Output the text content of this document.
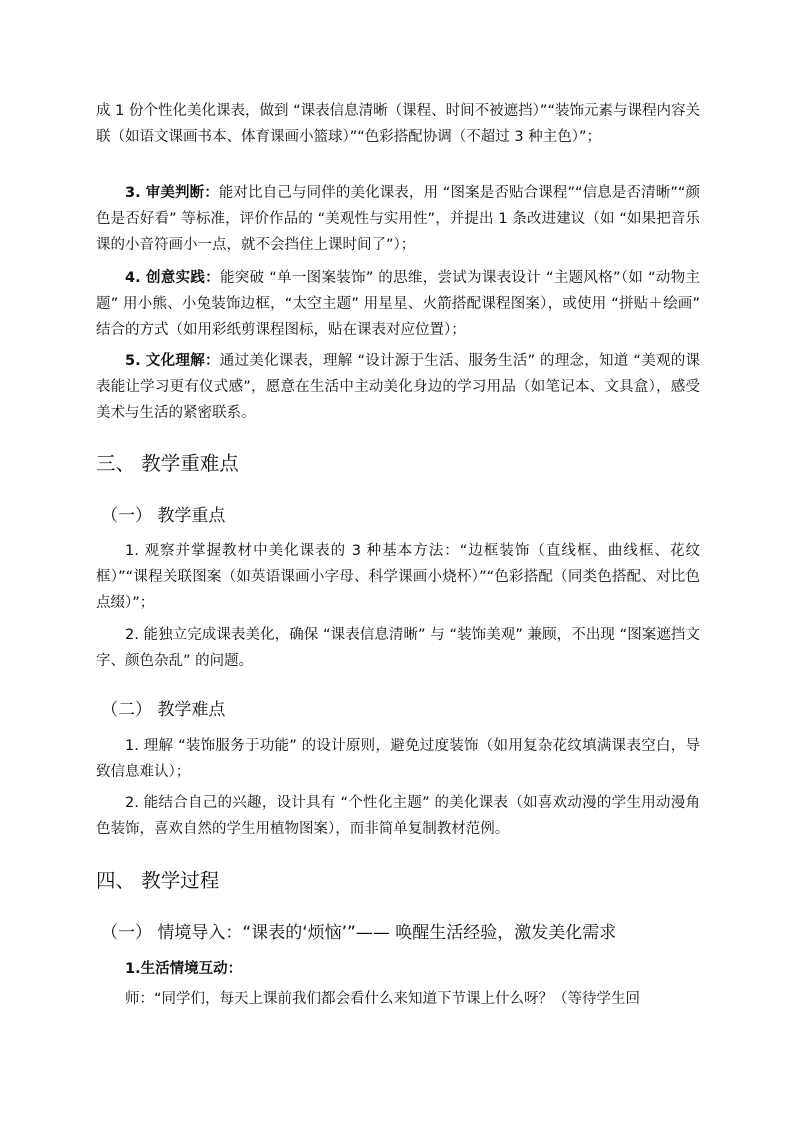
成 1 份个性化美化课表，做到 “课表信息清晰（课程、时间不被遮挡）”“装饰元素与课程内容关联（如语文课画书本、体育课画小篮球）”“色彩搭配协调（不超过 3 种主色）”；

3. 审美判断：能对比自己与同伴的美化课表，用 “图案是否贴合课程”“信息是否清晰”“颜色是否好看” 等标准，评价作品的 “美观性与实用性”，并提出 1 条改进建议（如 “如果把音乐课的小音符画小一点，就不会挡住上课时间了”）；

4. 创意实践：能突破 “单一图案装饰” 的思维，尝试为课表设计 “主题风格”（如 “动物主题” 用小熊、小兔装饰边框，“太空主题” 用星星、火箭搭配课程图案），或使用 “拼贴＋绘画” 结合的方式（如用彩纸剪课程图标，贴在课表对应位置）；

5. 文化理解：通过美化课表，理解 “设计源于生活、服务生活” 的理念，知道 “美观的课表能让学习更有仪式感”，愿意在生活中主动美化身边的学习用品（如笔记本、文具盒），感受美术与生活的紧密联系。

三、 教学重难点
（一） 教学重点

1. 观察并掌握教材中美化课表的 3 种基本方法：“边框装饰（直线框、曲线框、花纹框）”“课程关联图案（如英语课画小字母、科学课画小烧杯）”“色彩搭配（同类色搭配、对比色点缀）”；

2. 能独立完成课表美化，确保 “课表信息清晰” 与 “装饰美观” 兼顾，不出现 “图案遮挡文字、颜色杂乱” 的问题。

（二） 教学难点

1. 理解 “装饰服务于功能” 的设计原则，避免过度装饰（如用复杂花纹填满课表空白，导致信息难认）；

2. 能结合自己的兴趣，设计具有 “个性化主题” 的美化课表（如喜欢动漫的学生用动漫角色装饰，喜欢自然的学生用植物图案），而非简单复制教材范例。

四、 教学过程
（一） 情境导入：“课表的‘烦恼’”—— 唤醒生活经验，激发美化需求

1.生活情境互动：

师：“同学们，每天上课前我们都会看什么来知道下节课上什么呀？（等待学生回
